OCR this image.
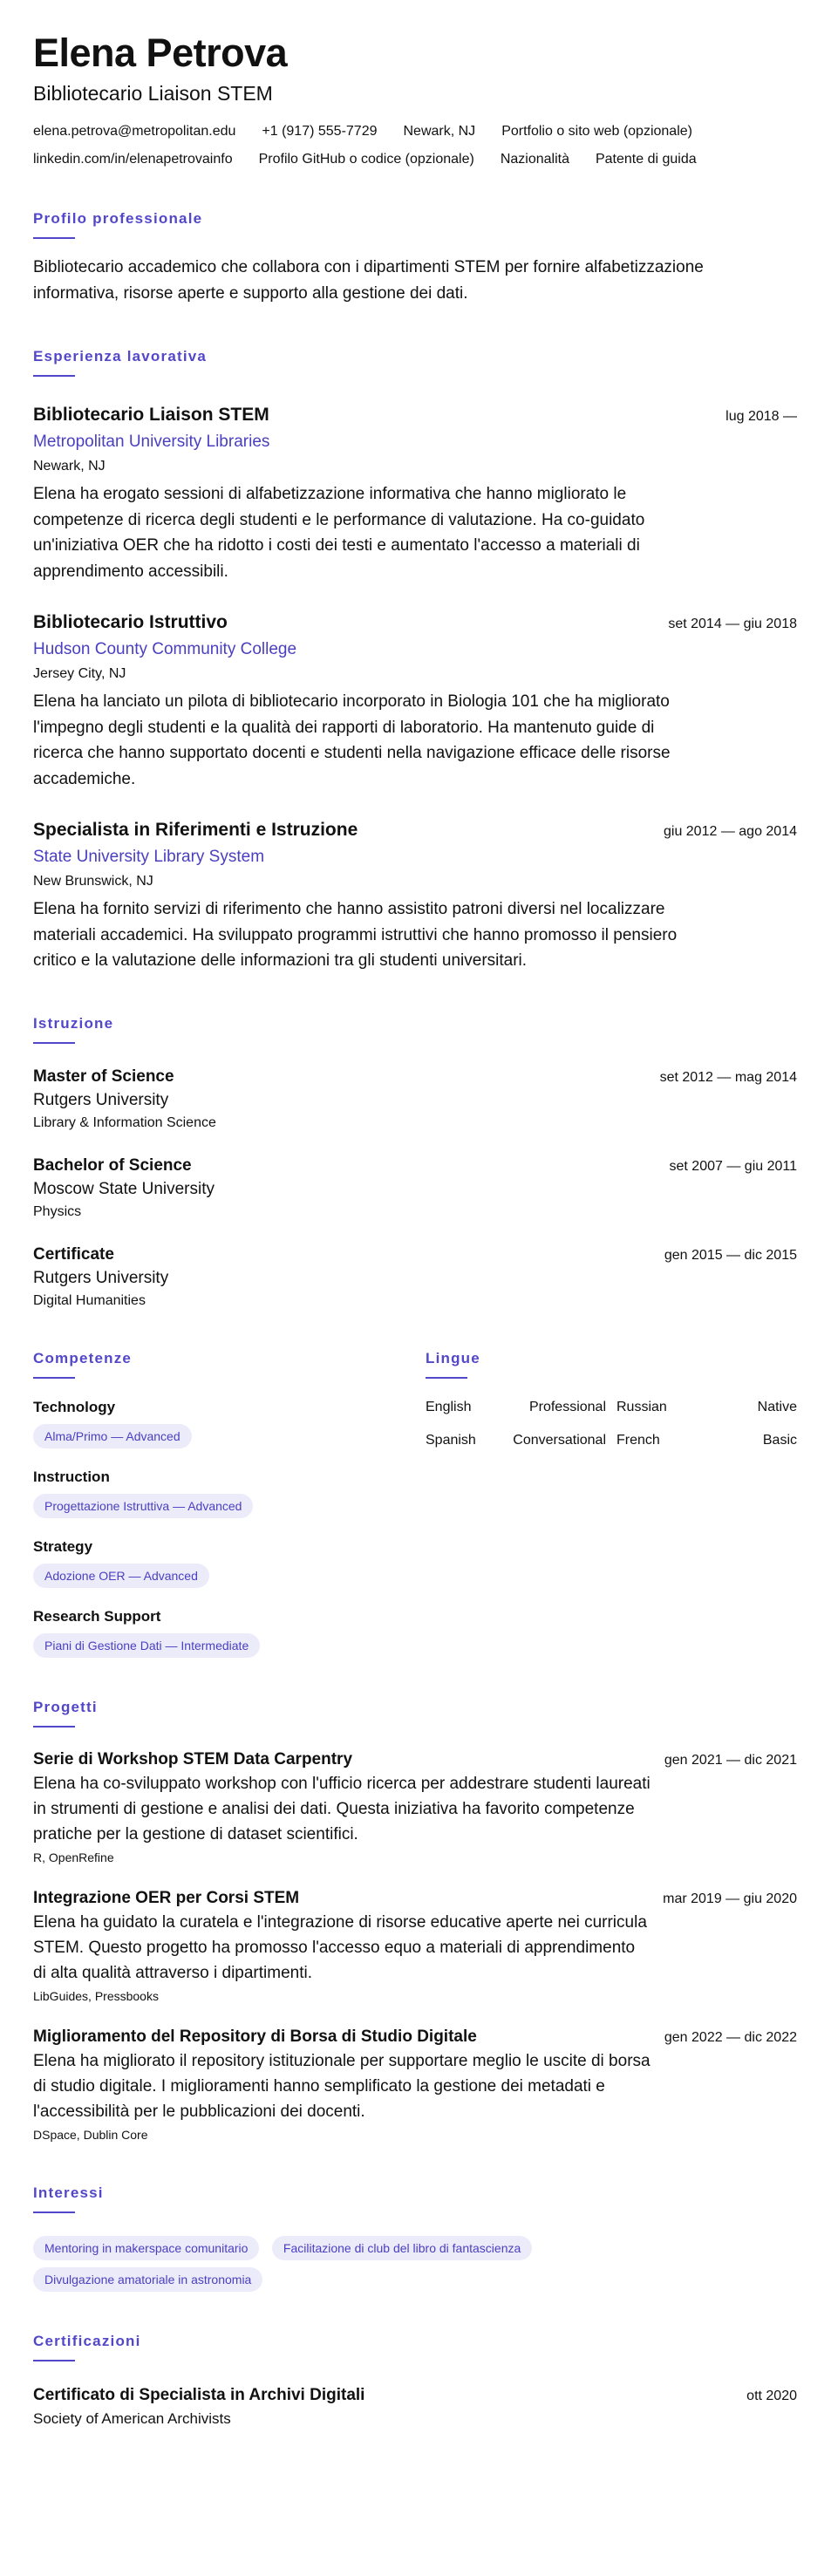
Elena Petrova
Bibliotecario Liaison STEM
elena.petrova@metropolitan.edu +1 (917) 555-7729 Newark, NJ Portfolio o sito web (opzionale)
linkedin.com/in/elenapetrovainfo Profilo GitHub o codice (opzionale) Nazionalità Patente di guida
Profilo professionale
Bibliotecario accademico che collabora con i dipartimenti STEM per fornire alfabetizzazione informativa, risorse aperte e supporto alla gestione dei dati.
Esperienza lavorativa
Bibliotecario Liaison STEM	lug 2018 —
Metropolitan University Libraries
Newark, NJ
Elena ha erogato sessioni di alfabetizzazione informativa che hanno migliorato le competenze di ricerca degli studenti e le performance di valutazione. Ha co-guidato un'iniziativa OER che ha ridotto i costi dei testi e aumentato l'accesso a materiali di apprendimento accessibili.
Bibliotecario Istruttivo	set 2014 — giu 2018
Hudson County Community College
Jersey City, NJ
Elena ha lanciato un pilota di bibliotecario incorporato in Biologia 101 che ha migliorato l'impegno degli studenti e la qualità dei rapporti di laboratorio. Ha mantenuto guide di ricerca che hanno supportato docenti e studenti nella navigazione efficace delle risorse accademiche.
Specialista in Riferimenti e Istruzione	giu 2012 — ago 2014
State University Library System
New Brunswick, NJ
Elena ha fornito servizi di riferimento che hanno assistito patroni diversi nel localizzare materiali accademici. Ha sviluppato programmi istruttivi che hanno promosso il pensiero critico e la valutazione delle informazioni tra gli studenti universitari.
Istruzione
Master of Science	set 2012 — mag 2014
Rutgers University
Library & Information Science
Bachelor of Science	set 2007 — giu 2011
Moscow State University
Physics
Certificate	gen 2015 — dic 2015
Rutgers University
Digital Humanities
Competenze
Technology
Alma/Primo — Advanced
Instruction
Progettazione Istruttiva — Advanced
Strategy
Adozione OER — Advanced
Research Support
Piani di Gestione Dati — Intermediate
Lingue
English	Professional Russian	Native
Spanish	Conversational French	Basic
Progetti
Serie di Workshop STEM Data Carpentry	gen 2021 — dic 2021
Elena ha co-sviluppato workshop con l'ufficio ricerca per addestrare studenti laureati in strumenti di gestione e analisi dei dati. Questa iniziativa ha favorito competenze pratiche per la gestione di dataset scientifici.
R, OpenRefine
Integrazione OER per Corsi STEM	mar 2019 — giu 2020
Elena ha guidato la curatela e l'integrazione di risorse educative aperte nei curricula STEM. Questo progetto ha promosso l'accesso equo a materiali di apprendimento di alta qualità attraverso i dipartimenti.
LibGuides, Pressbooks
Miglioramento del Repository di Borsa di Studio Digitale	gen 2022 — dic 2022
Elena ha migliorato il repository istituzionale per supportare meglio le uscite di borsa di studio digitale. I miglioramenti hanno semplificato la gestione dei metadati e l'accessibilità per le pubblicazioni dei docenti.
DSpace, Dublin Core
Interessi
Mentoring in makerspace comunitario	Facilitazione di club del libro di fantascienza Divulgazione amatoriale in astronomia
Certificazioni
Certificato di Specialista in Archivi Digitali	ott 2020
Society of American Archivists
